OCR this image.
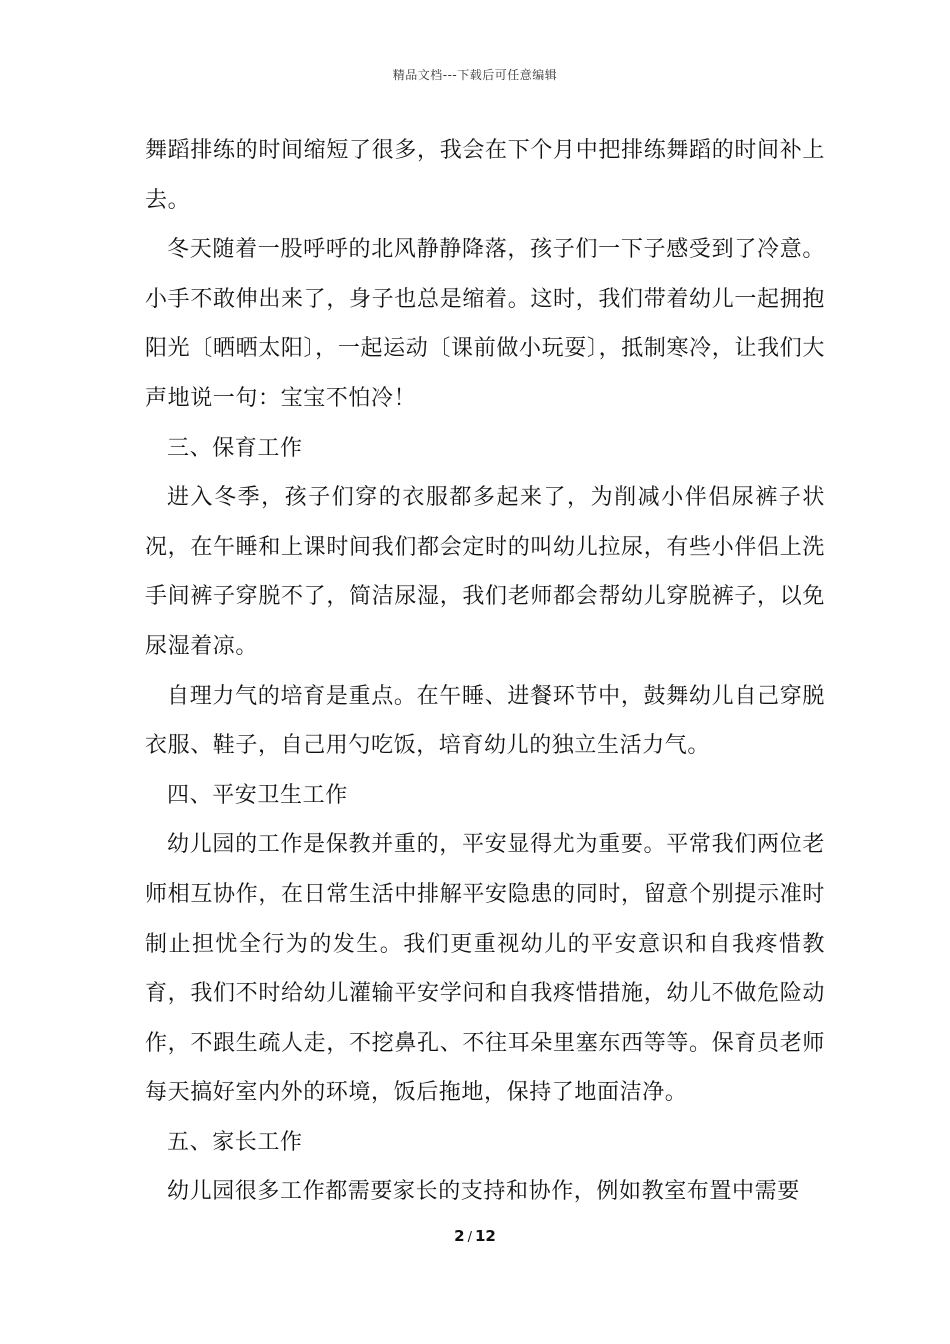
精品文档---下载后可任意编辑

舞蹈排练的时间缩短了很多，我会在下个月中把排练舞蹈的时间补上去。

冬天随着一股呼呼的北风静静降落，孩子们一下子感受到了冷意。小手不敢伸出来了，身子也总是缩着。这时，我们带着幼儿一起拥抱阳光〔晒晒太阳〕，一起运动〔课前做小玩耍〕，抵制寒冷，让我们大声地说一句：宝宝不怕冷！

三、保育工作

进入冬季，孩子们穿的衣服都多起来了，为削减小伴侣尿裤子状况，在午睡和上课时间我们都会定时的叫幼儿拉尿，有些小伴侣上洗手间裤子穿脱不了，简洁尿湿，我们老师都会帮幼儿穿脱裤子，以免尿湿着凉。

自理力气的培育是重点。在午睡、进餐环节中，鼓舞幼儿自己穿脱衣服、鞋子，自己用勺吃饭，培育幼儿的独立生活力气。

四、平安卫生工作

幼儿园的工作是保教并重的，平安显得尤为重要。平常我们两位老师相互协作，在日常生活中排解平安隐患的同时，留意个别提示准时制止担忧全行为的发生。我们更重视幼儿的平安意识和自我疼惜教育，我们不时给幼儿灌输平安学问和自我疼惜措施，幼儿不做危险动作，不跟生疏人走，不挖鼻孔、不往耳朵里塞东西等等。保育员老师每天搞好室内外的环境，饭后拖地，保持了地面洁净。

五、家长工作

幼儿园很多工作都需要家长的支持和协作，例如教室布置中需要

2 / 12
